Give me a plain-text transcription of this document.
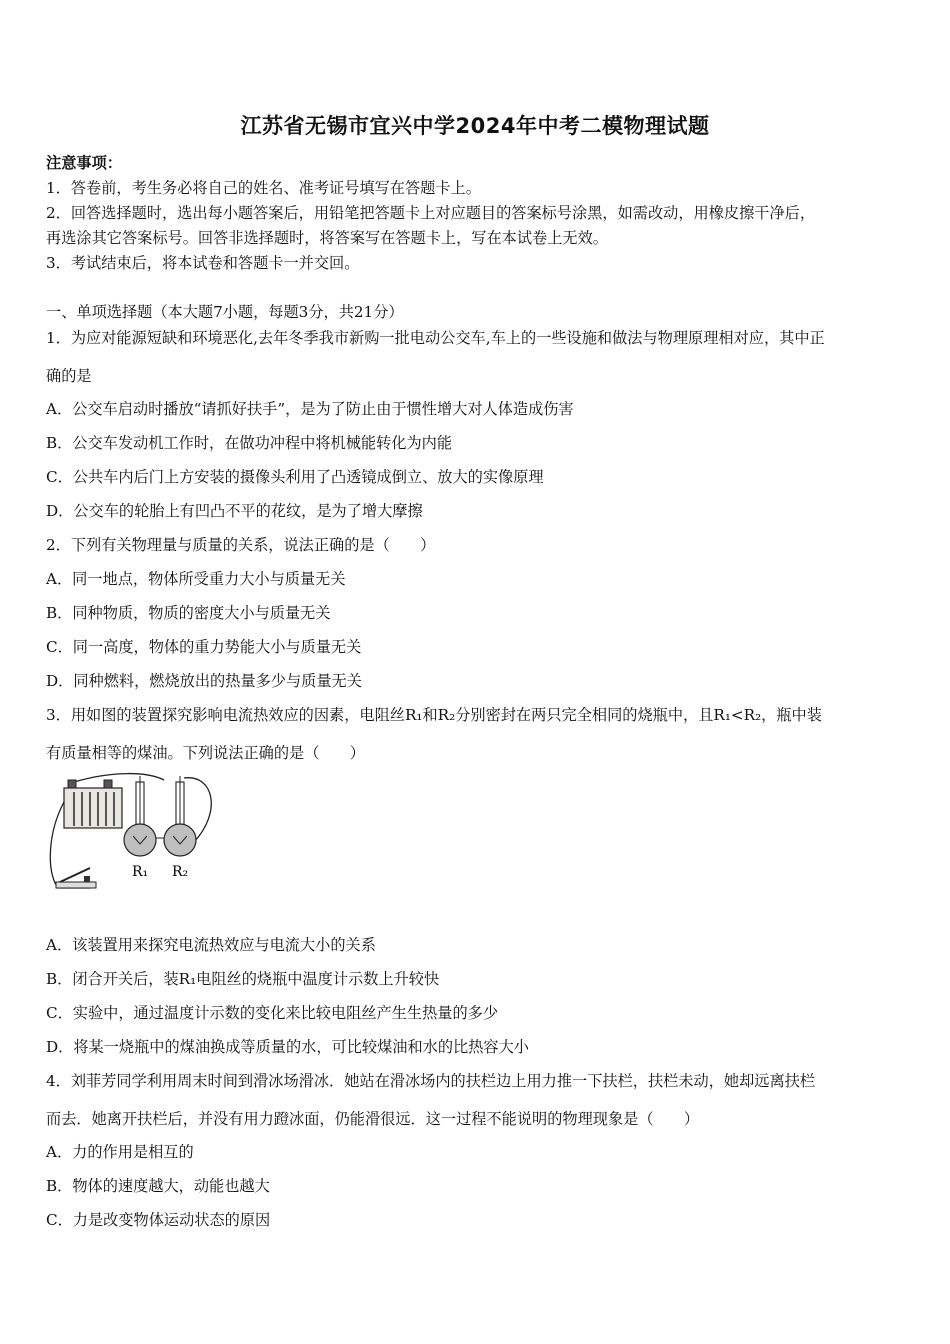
江苏省无锡市宜兴中学2024年中考二模物理试题
注意事项：
1．答卷前，考生务必将自己的姓名、准考证号填写在答题卡上。
2．回答选择题时，选出每小题答案后，用铅笔把答题卡上对应题目的答案标号涂黑，如需改动，用橡皮擦干净后，
再选涂其它答案标号。回答非选择题时，将答案写在答题卡上，写在本试卷上无效。
3．考试结束后，将本试卷和答题卡一并交回。
一、单项选择题（本大题7小题，每题3分，共21分）
1．为应对能源短缺和环境恶化,去年冬季我市新购一批电动公交车,车上的一些设施和做法与物理原理相对应，其中正
确的是
A．公交车启动时播放“请抓好扶手”，是为了防止由于惯性增大对人体造成伤害
B．公交车发动机工作时，在做功冲程中将机械能转化为内能
C．公共车内后门上方安装的摄像头利用了凸透镜成倒立、放大的实像原理
D．公交车的轮胎上有凹凸不平的花纹，是为了增大摩擦
2．下列有关物理量与质量的关系，说法正确的是（　　）
A．同一地点，物体所受重力大小与质量无关
B．同种物质，物质的密度大小与质量无关
C．同一高度，物体的重力势能大小与质量无关
D．同种燃料，燃烧放出的热量多少与质量无关
3．用如图的装置探究影响电流热效应的因素，电阻丝R₁和R₂分别密封在两只完全相同的烧瓶中，且R₁<R₂，瓶中装
有质量相等的煤油。下列说法正确的是（　　）
R₁ R₂
A．该装置用来探究电流热效应与电流大小的关系
B．闭合开关后，装R₁电阻丝的烧瓶中温度计示数上升较快
C．实验中，通过温度计示数的变化来比较电阻丝产生生热量的多少
D．将某一烧瓶中的煤油换成等质量的水，可比较煤油和水的比热容大小
4．刘菲芳同学利用周末时间到滑冰场滑冰．她站在滑冰场内的扶栏边上用力推一下扶栏，扶栏未动，她却远离扶栏
而去．她离开扶栏后，并没有用力蹬冰面，仍能滑很远．这一过程不能说明的物理现象是（　　）
A．力的作用是相互的
B．物体的速度越大，动能也越大
C．力是改变物体运动状态的原因
